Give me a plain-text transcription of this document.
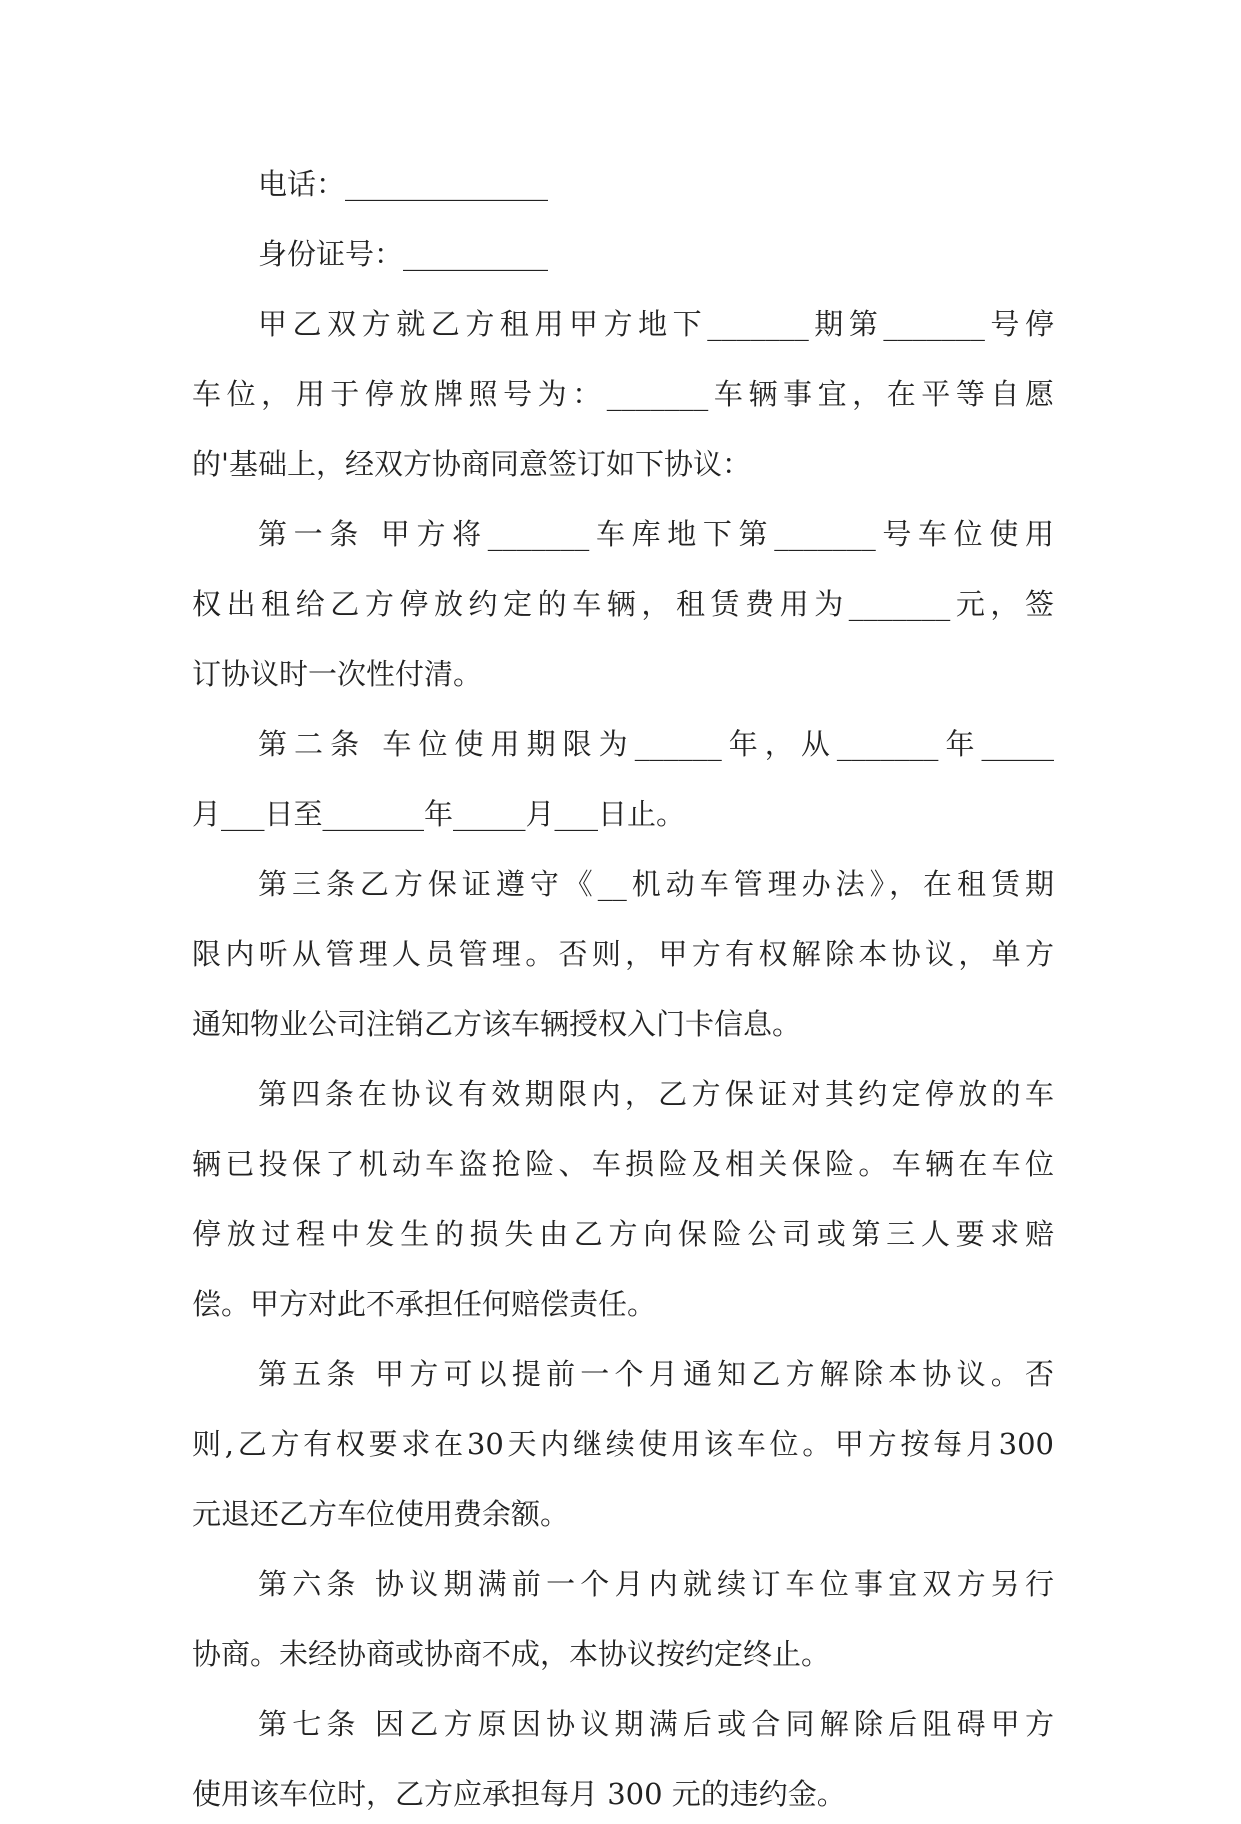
电话：______________
身份证号：__________
甲乙双方就乙方租用甲方地下_______期第_______号停
车位，用于停放牌照号为：_______车辆事宜，在平等自愿
的'基础上，经双方协商同意签订如下协议：
第一条 甲方将_______车库地下第_______号车位使用
权出租给乙方停放约定的车辆，租赁费用为_______元，签
订协议时一次性付清。
第二条 车位使用期限为______年，从_______年_____
月___日至_______年_____月___日止。
第三条乙方保证遵守《__机动车管理办法》，在租赁期
限内听从管理人员管理。否则，甲方有权解除本协议，单方
通知物业公司注销乙方该车辆授权入门卡信息。
第四条在协议有效期限内，乙方保证对其约定停放的车
辆已投保了机动车盗抢险、车损险及相关保险。车辆在车位
停放过程中发生的损失由乙方向保险公司或第三人要求赔
偿。甲方对此不承担任何赔偿责任。
第五条 甲方可以提前一个月通知乙方解除本协议。否
则,乙方有权要求在30天内继续使用该车位。甲方按每月300
元退还乙方车位使用费余额。
第六条 协议期满前一个月内就续订车位事宜双方另行
协商。未经协商或协商不成，本协议按约定终止。
第七条 因乙方原因协议期满后或合同解除后阻碍甲方
使用该车位时，乙方应承担每月 300 元的违约金。
